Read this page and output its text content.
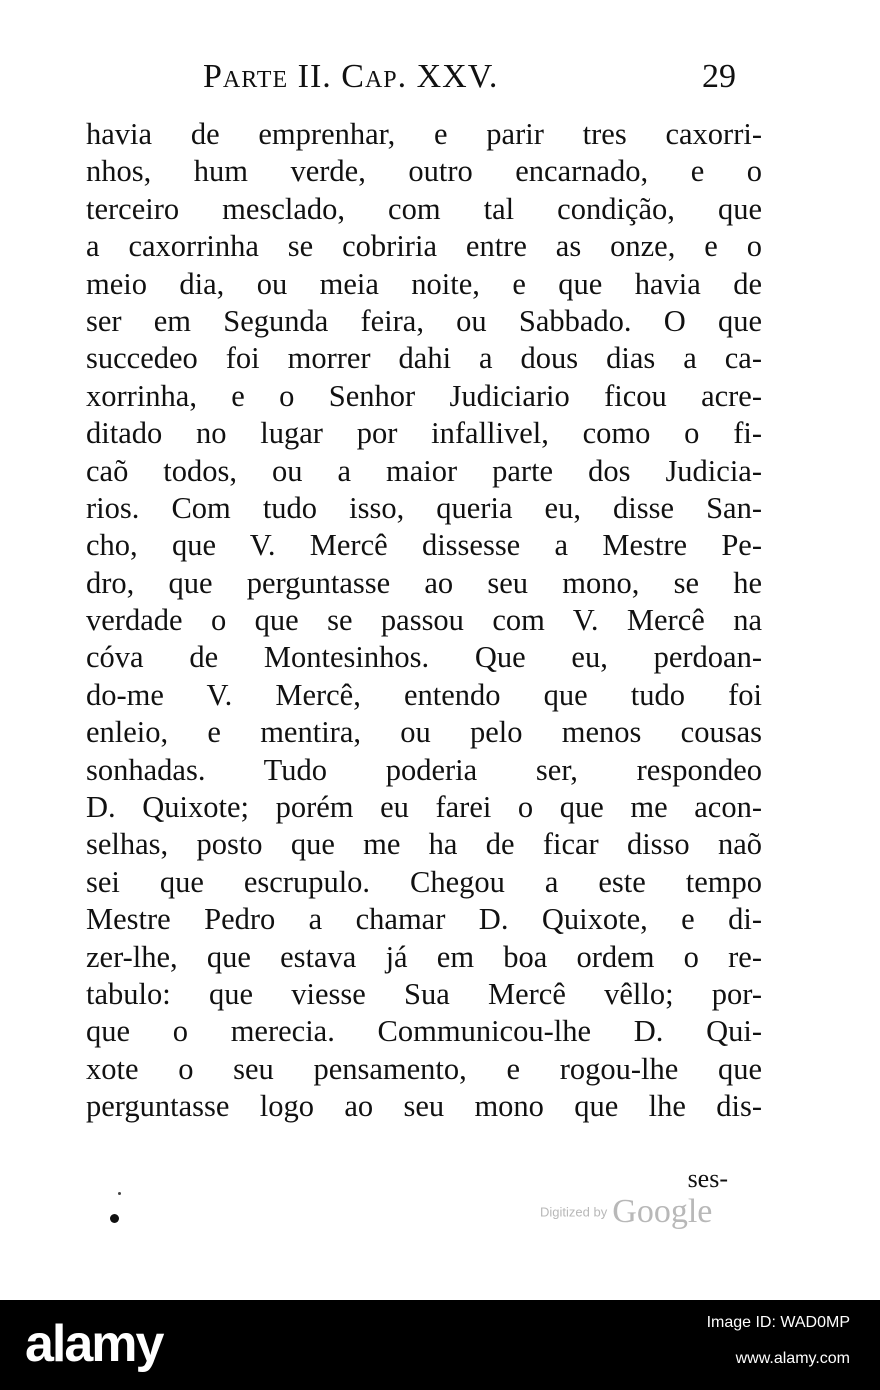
Parte II. Cap. XXV.	29
havia de emprenhar, e parir tres caxorri-
nhos, hum verde, outro encarnado, e o
terceiro mesclado, com tal condição, que
a caxorrinha se cobriria entre as onze, e o
meio dia, ou meia noite, e que havia de
ser em Segunda feira, ou Sabbado. O que
succedeo foi morrer dahi a dous dias a ca-
xorrinha, e o Senhor Judiciario ficou acre-
ditado no lugar por infallivel, como o fi-
caõ todos, ou a maior parte dos Judicia-
rios. Com tudo isso, queria eu, disse San-
cho, que V. Mercê dissesse a Mestre Pe-
dro, que perguntasse ao seu mono, se he
verdade o que se passou com V. Mercê na
cóva de Montesinhos. Que eu, perdoan-
do-me V. Mercê, entendo que tudo foi
enleio, e mentira, ou pelo menos cousas
sonhadas. Tudo poderia ser, respondeo
D. Quixote; porém eu farei o que me acon-
selhas, posto que me ha de ficar disso naõ
sei que escrupulo. Chegou a este tempo
Mestre Pedro a chamar D. Quixote, e di-
zer-lhe, que estava já em boa ordem o re-
tabulo: que viesse Sua Mercê vêllo; por-
que o merecia. Communicou-lhe D. Qui-
xote o seu pensamento, e rogou-lhe que
perguntasse logo ao seu mono que lhe dis-
ses-
Digitized by Google
alamy	Image ID: WAD0MP
www.alamy.com
